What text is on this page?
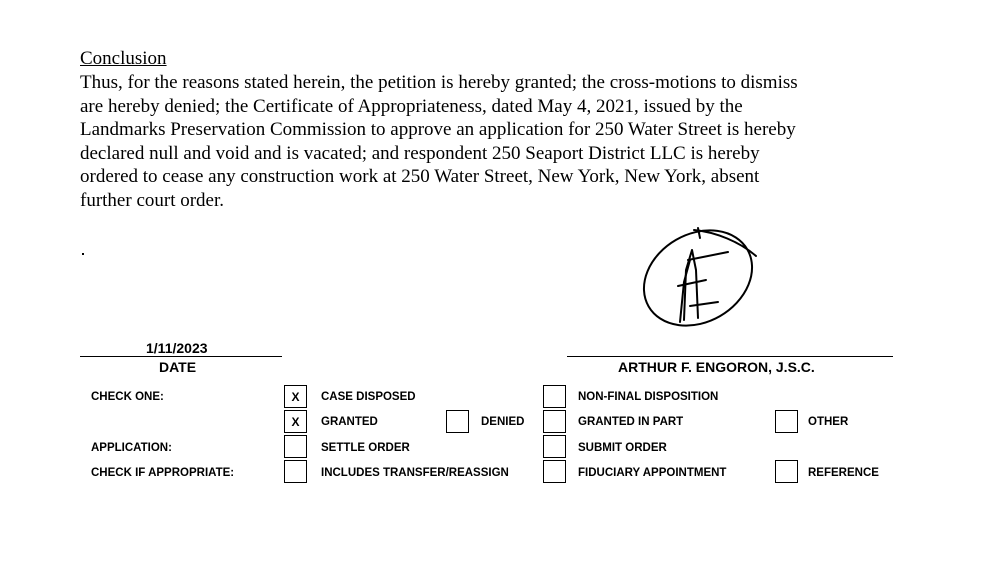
Conclusion
Thus, for the reasons stated herein, the petition is hereby granted; the cross-motions to dismiss
are hereby denied; the Certificate of Appropriateness, dated May 4, 2021, issued by the
Landmarks Preservation Commission to approve an application for 250 Water Street is hereby
declared null and void and is vacated; and respondent 250 Seaport District LLC is hereby
ordered to cease any construction work at 250 Water Street, New York, New York, absent
further court order.
1/11/2023
DATE	ARTHUR F. ENGORON, J.S.C.
CHECK ONE:
APPLICATION:
CHECK IF APPROPRIATE:
X
X
CASE DISPOSED
GRANTED
SETTLE ORDER
INCLUDES TRANSFER/REASSIGN
DENIED
NON-FINAL DISPOSITION
GRANTED IN PART
SUBMIT ORDER
FIDUCIARY APPOINTMENT
OTHER
REFERENCE
